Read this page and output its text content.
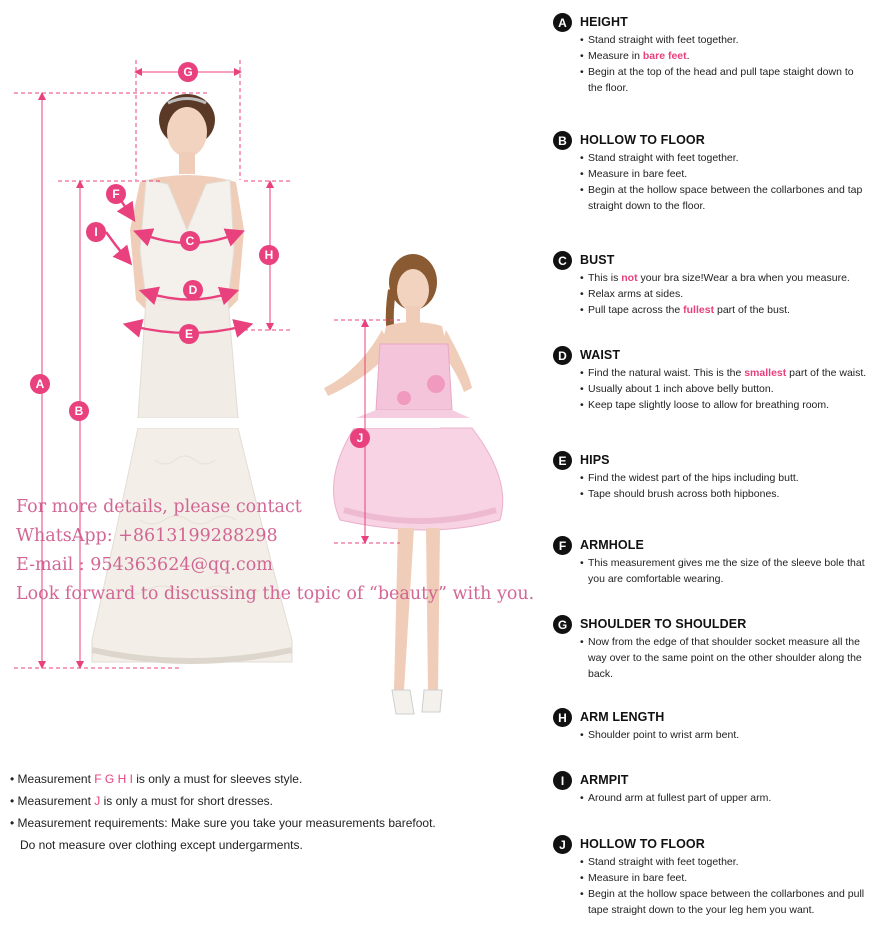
A
B
C
D
E
F
G
H
I
J
For more details, please contact
WhatsApp: +8613199288298
E-mail : 954363624@qq.com
Look forward to discussing the topic of “beauty” with you.
• Measurement F G H I is only a must for sleeves style.
• Measurement J is only a must for short dresses.
• Measurement requirements: Make sure you take your measurements barefoot.
Do not measure over clothing except undergarments.
A	HEIGHT
• Stand straight with feet together.
• Measure in bare feet.
• Begin at the top of the head and pull tape staight down to
the floor.
B	HOLLOW TO FLOOR
• Stand straight with feet together.
• Measure in bare feet.
• Begin at the hollow space between the collarbones and tap
straight down to the floor.
C	BUST
• This is not your bra size!Wear a bra when you measure.
• Relax arms at sides.
• Pull tape across the fullest part of the bust.
D	WAIST
• Find the natural waist. This is the smallest part of the waist.
• Usually about 1 inch above belly button.
• Keep tape slightly loose to allow for breathing room.
E	HIPS
• Find the widest part of the hips including butt.
• Tape should brush across both hipbones.
F	ARMHOLE
• This measurement gives me the size of the sleeve bole that
you are comfortable wearing.
G	SHOULDER TO SHOULDER
• Now from the edge of that shoulder socket measure all the
way over to the same point on the other shoulder along the
back.
H	ARM LENGTH
• Shoulder point to wrist arm bent.
I	ARMPIT
• Around arm at fullest part of upper arm.
J	HOLLOW TO FLOOR
• Stand straight with feet together.
• Measure in bare feet.
• Begin at the hollow space between the collarbones and pull
tape straight down to the your leg hem you want.
